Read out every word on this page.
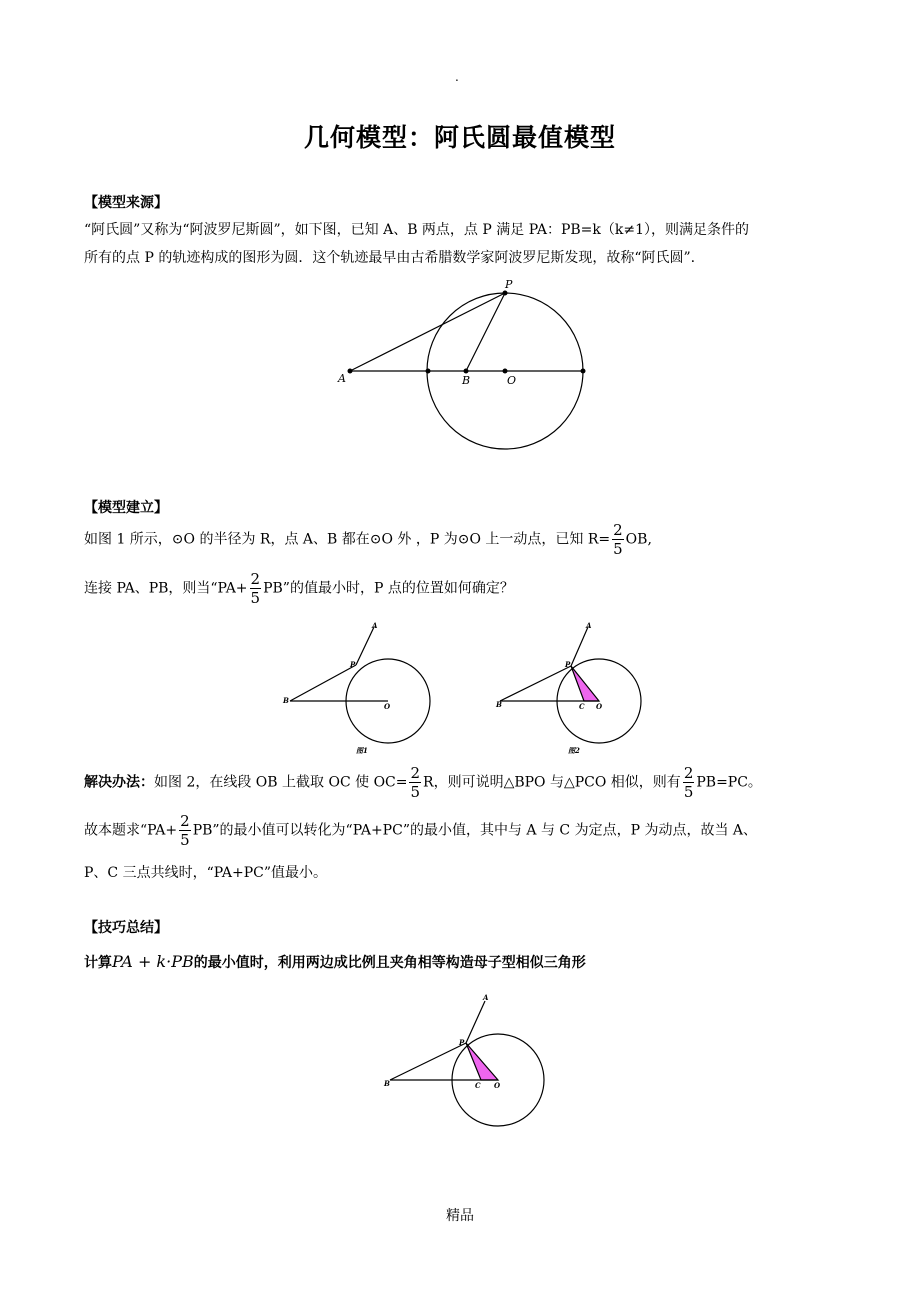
.
几何模型：阿氏圆最值模型
【模型来源】
“阿氏圆”又称为“阿波罗尼斯圆”，如下图，已知 A、B 两点，点 P 满足 PA：PB=k（k≠1），则满足条件的
所有的点 P 的轨迹构成的图形为圆．这个轨迹最早由古希腊数学家阿波罗尼斯发现，故称“阿氏圆”.
P
A	B	O
【模型建立】
如图 1 所示，⊙O 的半径为 R，点 A、B 都在⊙O 外 ，P 为⊙O 上一动点，已知 $R= \frac{2}{5}$ OB,
连接 PA、PB，则当“$PA+ \frac{2}{5}$ PB”的值最小时，P 点的位置如何确定？
A
P
B
O
图1
A
P
B	C O
图2
解决办法：如图 2，在线段 OB 上截取 OC 使 $OC= \frac{2}{5}$ R，则可说明△BPO 与△PCO 相似，则有 $\frac{2}{5} PB=PC$。
故本题求“$PA+ \frac{2}{5}$ PB”的最小值可以转化为“PA+PC”的最小值，其中与 A 与 C 为定点，P 为动点，故当 A、
P、C 三点共线时，“PA+PC”值最小。
【技巧总结】
计算PA + k·PB的最小值时，利用两边成比例且夹角相等构造母子型相似三角形
A
P
B	C O
精品
